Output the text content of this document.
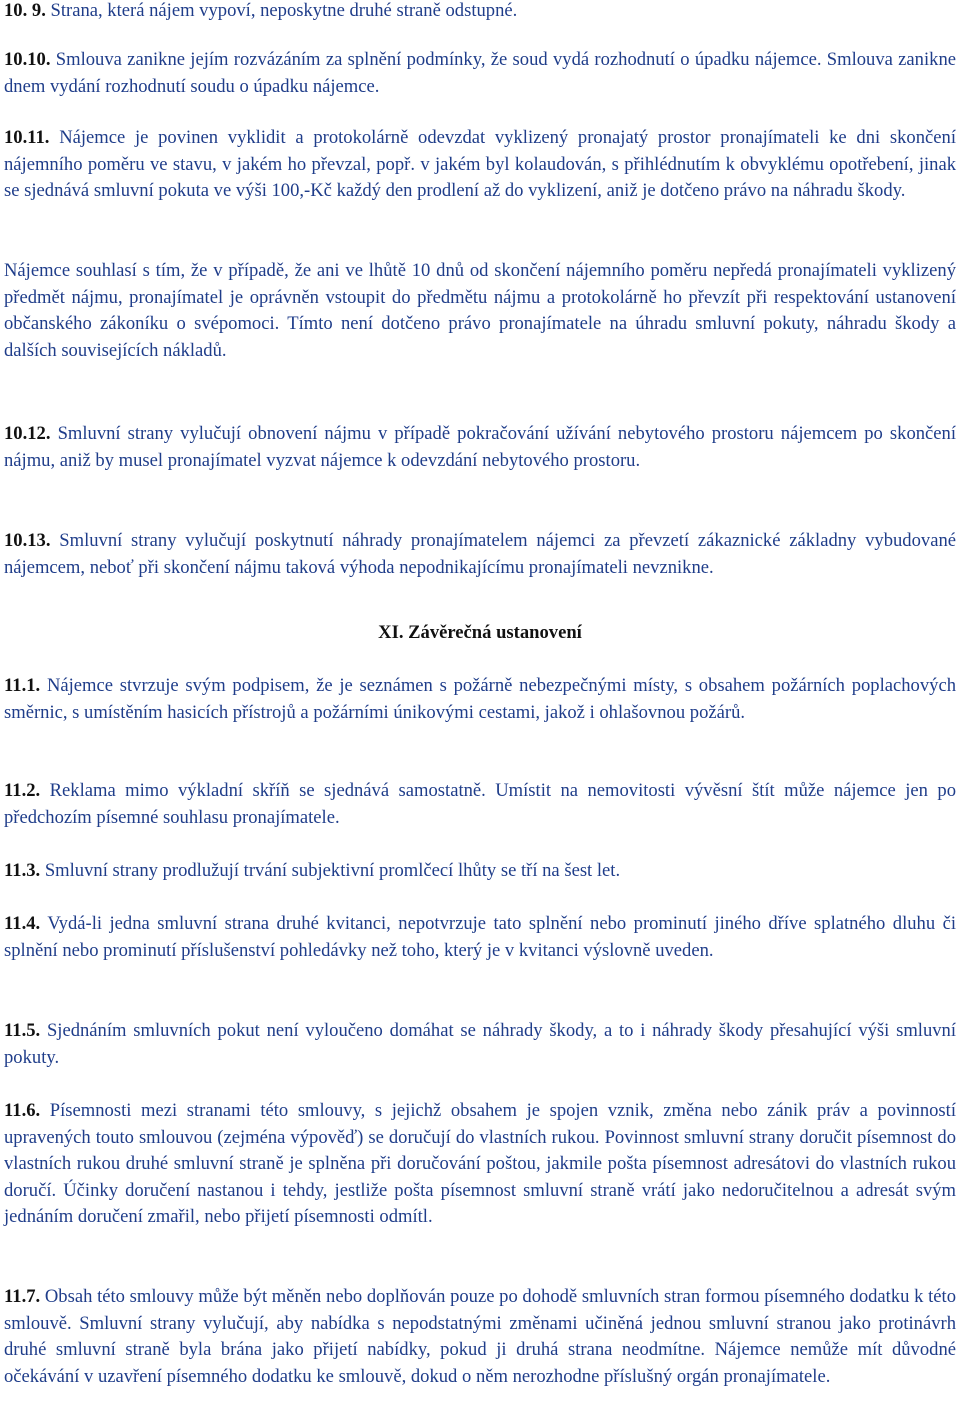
10. 9. Strana, která nájem vypoví, neposkytne druhé straně odstupné.

10.10. Smlouva zanikne jejím rozvázáním za splnění podmínky, že soud vydá rozhodnutí o úpadku nájemce. Smlouva zanikne dnem vydání rozhodnutí soudu o úpadku nájemce.

10.11. Nájemce je povinen vyklidit a protokolárně odevzdat vyklizený pronajatý prostor pronajímateli ke dni skončení nájemního poměru ve stavu, v jakém ho převzal, popř. v jakém byl kolaudován, s přihlédnutím k obvyklému opotřebení, jinak se sjednává smluvní pokuta ve výši 100,-Kč každý den prodlení až do vyklizení, aniž je dotčeno právo na náhradu škody.

Nájemce souhlasí s tím, že v případě, že ani ve lhůtě 10 dnů od skončení nájemního poměru nepředá pronajímateli vyklizený předmět nájmu, pronajímatel je oprávněn vstoupit do předmětu nájmu a protokolárně ho převzít při respektování ustanovení občanského zákoníku o svépomoci. Tímto není dotčeno právo pronajímatele na úhradu smluvní pokuty, náhradu škody a dalších souvisejících nákladů.

10.12. Smluvní strany vylučují obnovení nájmu v případě pokračování užívání nebytového prostoru nájemcem po skončení nájmu, aniž by musel pronajímatel vyzvat nájemce k odevzdání nebytového prostoru.

10.13. Smluvní strany vylučují poskytnutí náhrady pronajímatelem nájemci za převzetí zákaznické základny vybudované nájemcem, neboť při skončení nájmu taková výhoda nepodnikajícímu pronajímateli nevznikne.

XI. Závěrečná ustanovení

11.1. Nájemce stvrzuje svým podpisem, že je seznámen s požárně nebezpečnými místy, s obsahem požárních poplachových směrnic, s umístěním hasicích přístrojů a požárními únikovými cestami, jakož i ohlašovnou požárů.

11.2. Reklama mimo výkladní skříň se sjednává samostatně. Umístit na nemovitosti vývěsní štít může nájemce jen po předchozím písemné souhlasu pronajímatele.

11.3. Smluvní strany prodlužují trvání subjektivní promlčecí lhůty se tří na šest let.

11.4. Vydá-li jedna smluvní strana druhé kvitanci, nepotvrzuje tato splnění nebo prominutí jiného dříve splatného dluhu či splnění nebo prominutí příslušenství pohledávky než toho, který je v kvitanci výslovně uveden.

11.5. Sjednáním smluvních pokut není vyloučeno domáhat se náhrady škody, a to i náhrady škody přesahující výši smluvní pokuty.

11.6. Písemnosti mezi stranami této smlouvy, s jejichž obsahem je spojen vznik, změna nebo zánik práv a povinností upravených touto smlouvou (zejména výpověď) se doručují do vlastních rukou. Povinnost smluvní strany doručit písemnost do vlastních rukou druhé smluvní straně je splněna při doručování poštou, jakmile pošta písemnost adresátovi do vlastních rukou doručí. Účinky doručení nastanou i tehdy, jestliže pošta písemnost smluvní straně vrátí jako nedoručitelnou a adresát svým jednáním doručení zmařil, nebo přijetí písemnosti odmítl.

11.7. Obsah této smlouvy může být měněn nebo doplňován pouze po dohodě smluvních stran formou písemného dodatku k této smlouvě. Smluvní strany vylučují, aby nabídka s nepodstatnými změnami učiněná jednou smluvní stranou jako protinávrh druhé smluvní straně byla brána jako přijetí nabídky, pokud ji druhá strana neodmítne. Nájemce nemůže mít důvodné očekávání v uzavření písemného dodatku ke smlouvě, dokud o něm nerozhodne příslušný orgán pronajímatele.
